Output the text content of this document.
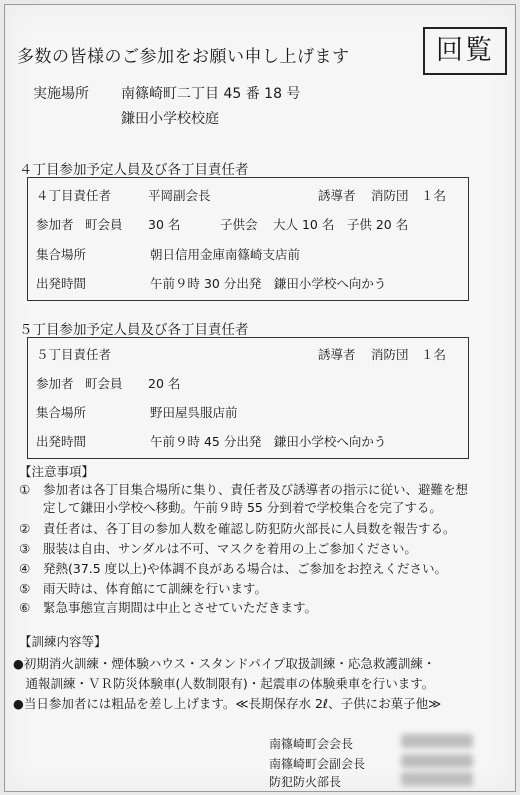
回覧
多数の皆様のご参加をお願い申し上げます
実施場所 南篠崎町二丁目 45 番 18 号
鎌田小学校校庭
４丁目参加予定人員及び各丁目責任者
４丁目責任者	平岡副会長	誘導者 消防団　１名
参加者 町会員 30 名	子供会 大人 10 名　子供 20 名
集合場所	朝日信用金庫南篠崎支店前
出発時間	午前９時 30 分出発　鎌田小学校へ向かう
５丁目参加予定人員及び各丁目責任者
５丁目責任者	誘導者 消防団　１名
参加者 町会員 20 名
集合場所	野田屋呉服店前
出発時間	午前９時 45 分出発　鎌田小学校へ向かう
【注意事項】
① 参加者は各丁目集合場所に集り、責任者及び誘導者の指示に従い、避難を想
定して鎌田小学校へ移動。午前９時 55 分到着で学校集合を完了する。
② 責任者は、各丁目の参加人数を確認し防犯防火部長に人員数を報告する。
③ 服装は自由、サンダルは不可、マスクを着用の上ご参加ください。
④ 発熱(37.5 度以上)や体調不良がある場合は、ご参加をお控えください。
⑤ 雨天時は、体育館にて訓練を行います。
⑥ 緊急事態宣言期間は中止とさせていただきます。
【訓練内容等】
●初期消火訓練・煙体験ハウス・スタンドパイプ取扱訓練・応急救護訓練・
　通報訓練・ＶＲ防災体験車(人数制限有)・起震車の体験乗車を行います。
●当日参加者には粗品を差し上げます。≪長期保存水 2ℓ、子供にお菓子他≫
南篠崎町会会長
南篠崎町会副会長
防犯防火部長
